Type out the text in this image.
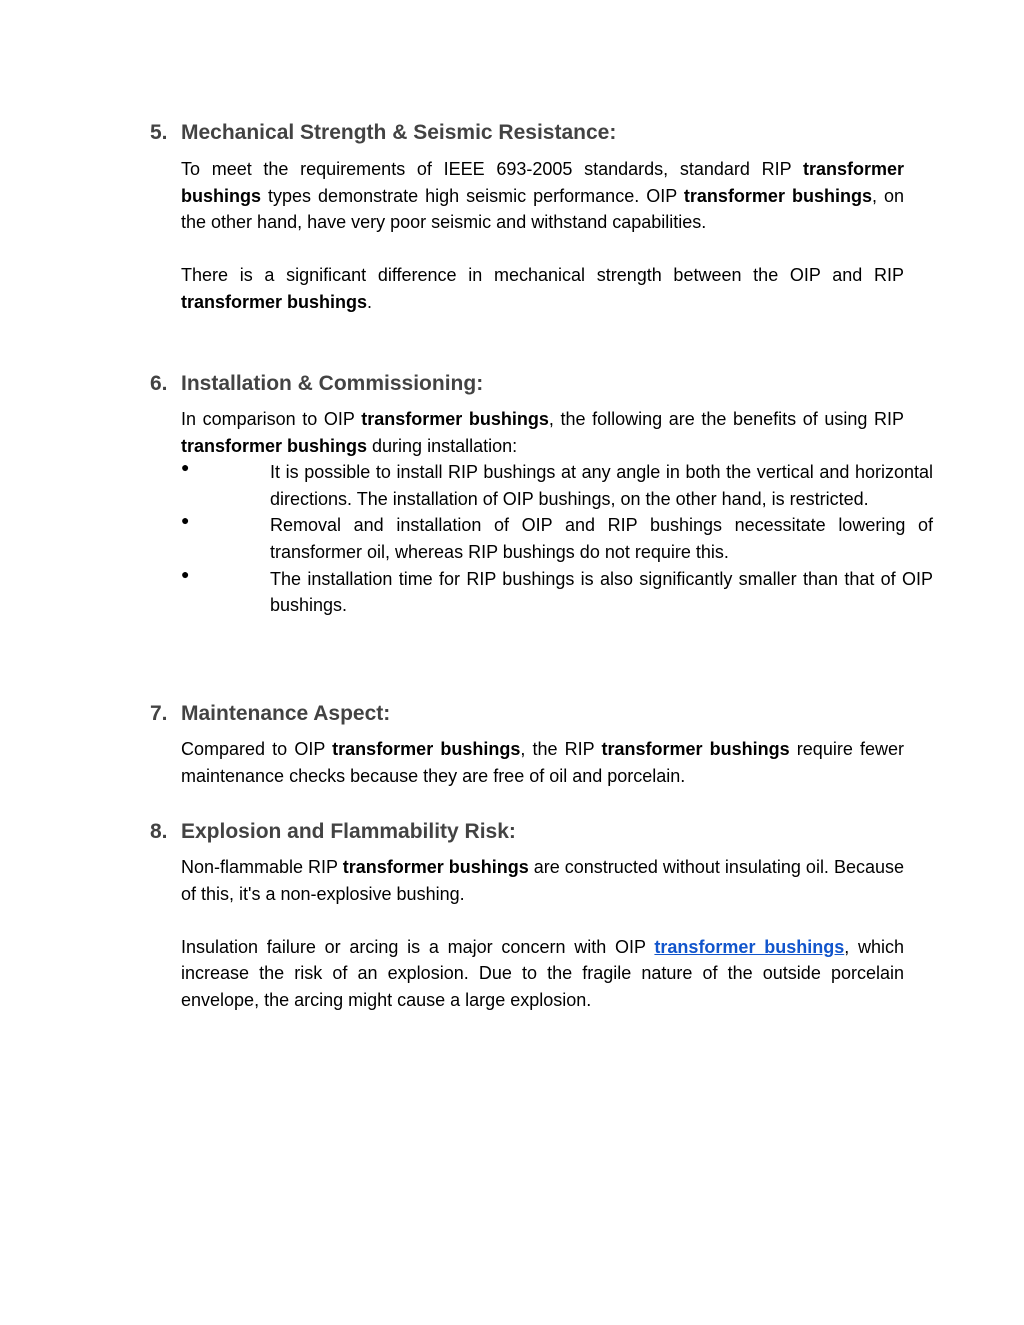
5. Mechanical Strength & Seismic Resistance:

To meet the requirements of IEEE 693-2005 standards, standard RIP transformer bushings types demonstrate high seismic performance. OIP transformer bushings, on the other hand, have very poor seismic and withstand capabilities.

There is a significant difference in mechanical strength between the OIP and RIP transformer bushings.

6. Installation & Commissioning:

In comparison to OIP transformer bushings, the following are the benefits of using RIP transformer bushings during installation:

●	It is possible to install RIP bushings at any angle in both the vertical and horizontal directions. The installation of OIP bushings, on the other hand, is restricted.
●	Removal and installation of OIP and RIP bushings necessitate lowering of transformer oil, whereas RIP bushings do not require this.
●	The installation time for RIP bushings is also significantly smaller than that of OIP bushings.
7. Maintenance Aspect:

Compared to OIP transformer bushings, the RIP transformer bushings require fewer maintenance checks because they are free of oil and porcelain.

8. Explosion and Flammability Risk:

Non-flammable RIP transformer bushings are constructed without insulating oil. Because of this, it's a non-explosive bushing.

Insulation failure or arcing is a major concern with OIP transformer bushings, which increase the risk of an explosion. Due to the fragile nature of the outside porcelain envelope, the arcing might cause a large explosion.
